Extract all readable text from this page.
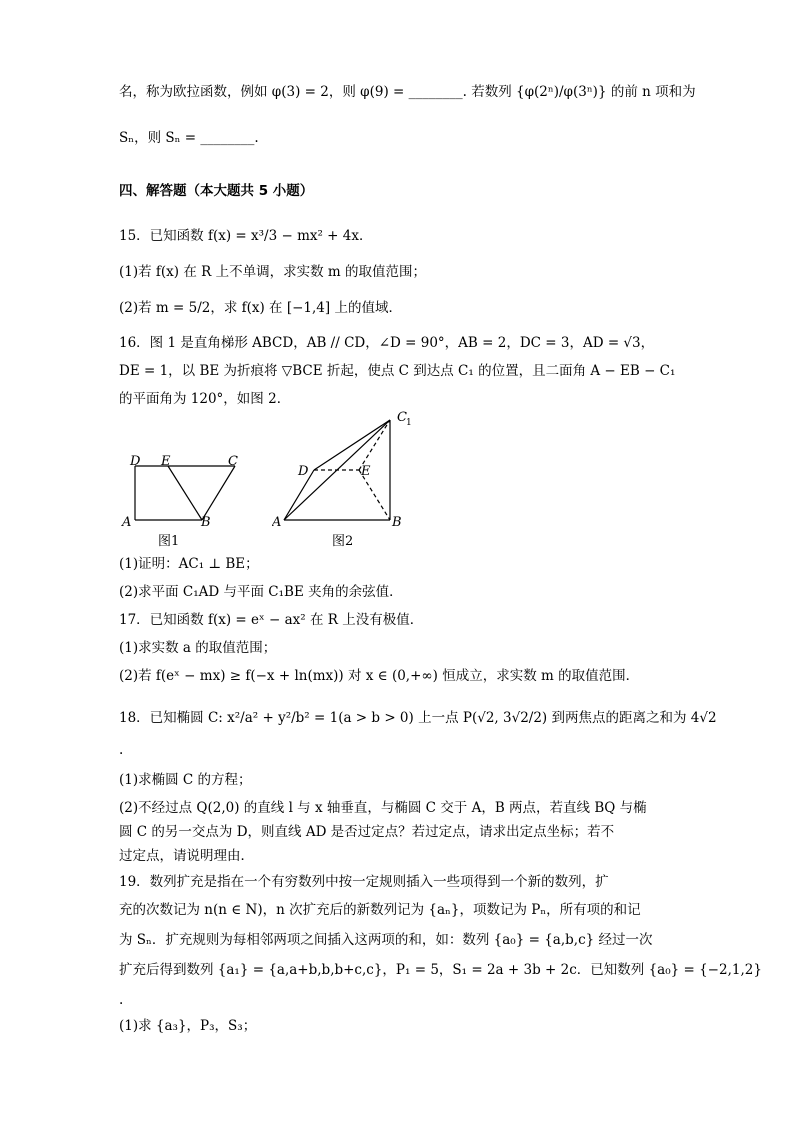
名，称为欧拉函数，例如 φ(3) = 2，则 φ(9) = ________. 若数列 {φ(2ⁿ)/φ(3ⁿ)} 的前 n 项和为
Sₙ，则 Sₙ = ________.
四、解答题（本大题共 5 小题）
15．已知函数 f(x) = x³/3 − mx² + 4x．
(1)若 f(x) 在 R 上不单调，求实数 m 的取值范围；
(2)若 m = 5/2，求 f(x) 在 [−1,4] 上的值域．
16．图 1 是直角梯形 ABCD，AB // CD，∠D = 90°，AB = 2，DC = 3，AD = √3，
DE = 1，以 BE 为折痕将 ▽BCE 折起，使点 C 到达点 C₁ 的位置，且二面角 A − EB − C₁
的平面角为 120°，如图 2．
D E	C
A	B
图1
A	B
D	E
C 1
图2
(1)证明：AC₁ ⊥ BE；
(2)求平面 C₁AD 与平面 C₁BE 夹角的余弦值．
17．已知函数 f(x) = eˣ − ax² 在 R 上没有极值．
(1)求实数 a 的取值范围；
(2)若 f(eˣ − mx) ≥ f(−x + ln(mx)) 对 x ∈ (0,+∞) 恒成立，求实数 m 的取值范围．
18．已知椭圆 C: x²/a² + y²/b² = 1(a > b > 0) 上一点 P(√2, 3√2/2) 到两焦点的距离之和为 4√2
.
(1)求椭圆 C 的方程；
(2)不经过点 Q(2,0) 的直线 l 与 x 轴垂直，与椭圆 C 交于 A，B 两点，若直线 BQ 与椭
圆 C 的另一交点为 D，则直线 AD 是否过定点？若过定点，请求出定点坐标；若不
过定点，请说明理由．
19．数列扩充是指在一个有穷数列中按一定规则插入一些项得到一个新的数列，扩
充的次数记为 n(n ∈ N)，n 次扩充后的新数列记为 {aₙ}，项数记为 Pₙ，所有项的和记
为 Sₙ．扩充规则为每相邻两项之间插入这两项的和，如：数列 {a₀} = {a,b,c} 经过一次
扩充后得到数列 {a₁} = {a,a+b,b,b+c,c}，P₁ = 5，S₁ = 2a + 3b + 2c．已知数列 {a₀} = {−2,1,2}
.
(1)求 {a₃}，P₃，S₃；
